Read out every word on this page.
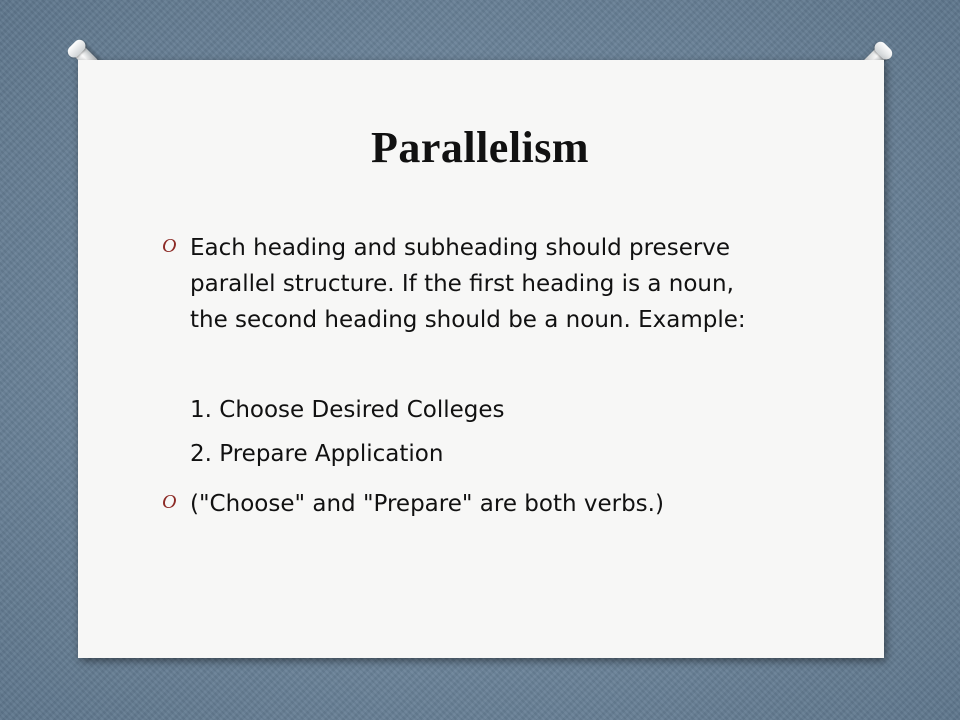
Parallelism
O Each heading and subheading should preserve parallel structure. If the first heading is a noun, the second heading should be a noun. Example:
1. Choose Desired Colleges
2. Prepare Application
O ("Choose" and "Prepare" are both verbs.)
